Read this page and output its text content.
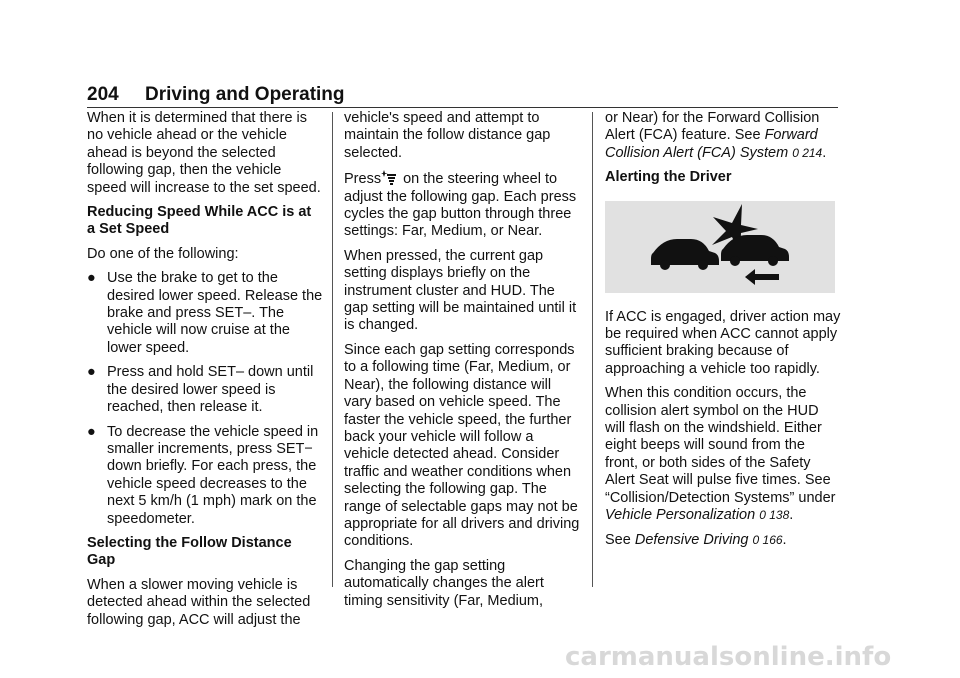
204 Driving and Operating

When it is determined that there is no vehicle ahead or the vehicle ahead is beyond the selected following gap, then the vehicle speed will increase to the set speed.

Reducing Speed While ACC is at a Set Speed

Do one of the following:

● Use the brake to get to the desired lower speed. Release the brake and press SET–. The vehicle will now cruise at the lower speed.
● Press and hold SET– down until the desired lower speed is reached, then release it.
● To decrease the vehicle speed in smaller increments, press SET− down briefly. For each press, the vehicle speed decreases to the next 5 km/h (1 mph) mark on the speedometer.

Selecting the Follow Distance Gap

When a slower moving vehicle is detected ahead within the selected following gap, ACC will adjust the

vehicle's speed and attempt to maintain the follow distance gap selected.

Press on the steering wheel to adjust the following gap. Each press cycles the gap button through three settings: Far, Medium, or Near.

When pressed, the current gap setting displays briefly on the instrument cluster and HUD. The gap setting will be maintained until it is changed.

Since each gap setting corresponds to a following time (Far, Medium, or Near), the following distance will vary based on vehicle speed. The faster the vehicle speed, the further back your vehicle will follow a vehicle detected ahead. Consider traffic and weather conditions when selecting the following gap. The range of selectable gaps may not be appropriate for all drivers and driving conditions.

Changing the gap setting automatically changes the alert timing sensitivity (Far, Medium,

or Near) for the Forward Collision Alert (FCA) feature. See Forward Collision Alert (FCA) System 0 214.

Alerting the Driver

If ACC is engaged, driver action may be required when ACC cannot apply sufficient braking because of approaching a vehicle too rapidly.

When this condition occurs, the collision alert symbol on the HUD will flash on the windshield. Either eight beeps will sound from the front, or both sides of the Safety Alert Seat will pulse five times. See “Collision/Detection Systems” under Vehicle Personalization 0 138.

See Defensive Driving 0 166.

carmanualsonline.info
